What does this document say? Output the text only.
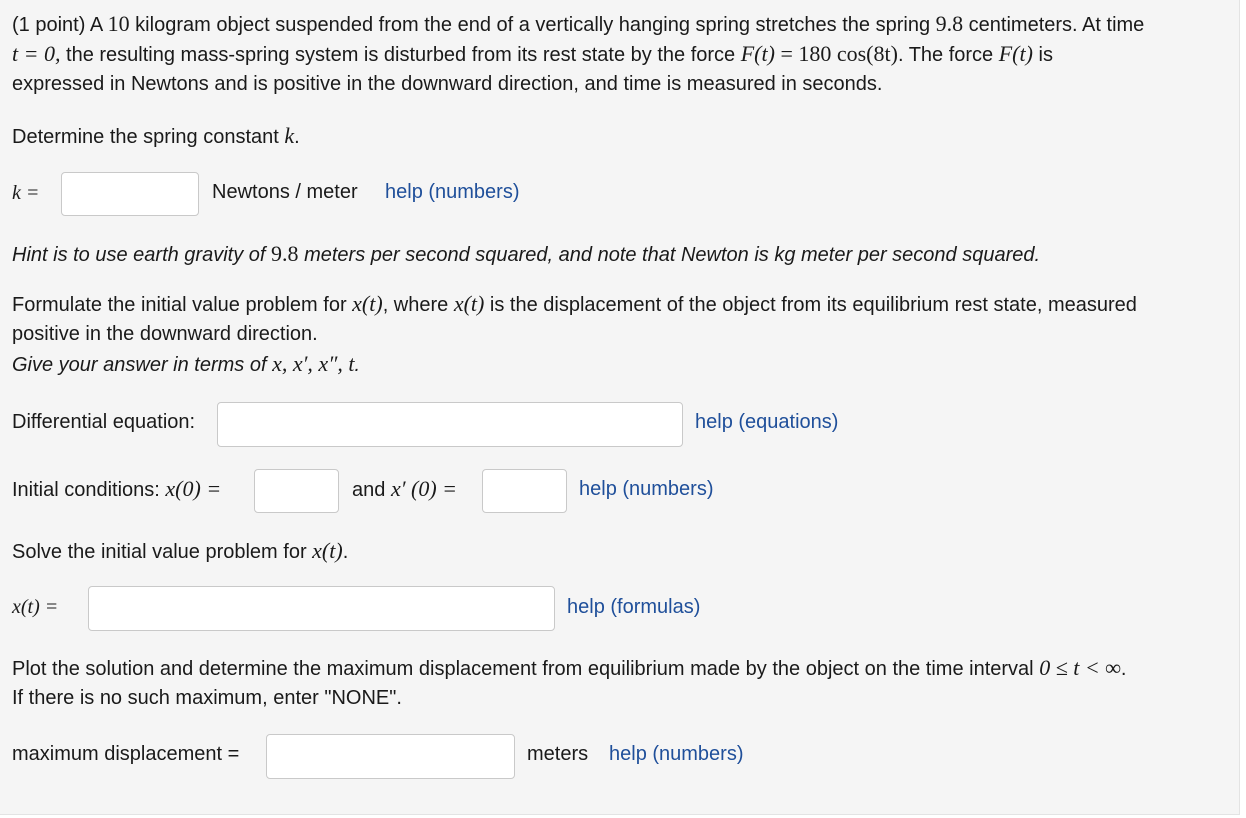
(1 point) A 10 kilogram object suspended from the end of a vertically hanging spring stretches the spring 9.8 centimeters. At time
t = 0, the resulting mass-spring system is disturbed from its rest state by the force F(t) = 180 cos(8t). The force F(t) is
expressed in Newtons and is positive in the downward direction, and time is measured in seconds.
Determine the spring constant k.
k =	Newtons / meter help (numbers)
Hint is to use earth gravity of 9.8 meters per second squared, and note that Newton is kg meter per second squared.
Formulate the initial value problem for x(t), where x(t) is the displacement of the object from its equilibrium rest state, measured
positive in the downward direction.
Give your answer in terms of x, x′, x″, t.
Differential equation:	help (equations)
Initial conditions: x(0) =	and x′ (0) =	help (numbers)
Solve the initial value problem for x(t).
x(t) =	help (formulas)
Plot the solution and determine the maximum displacement from equilibrium made by the object on the time interval 0 ≤ t < ∞.
If there is no such maximum, enter "NONE".
maximum displacement =	meters help (numbers)
